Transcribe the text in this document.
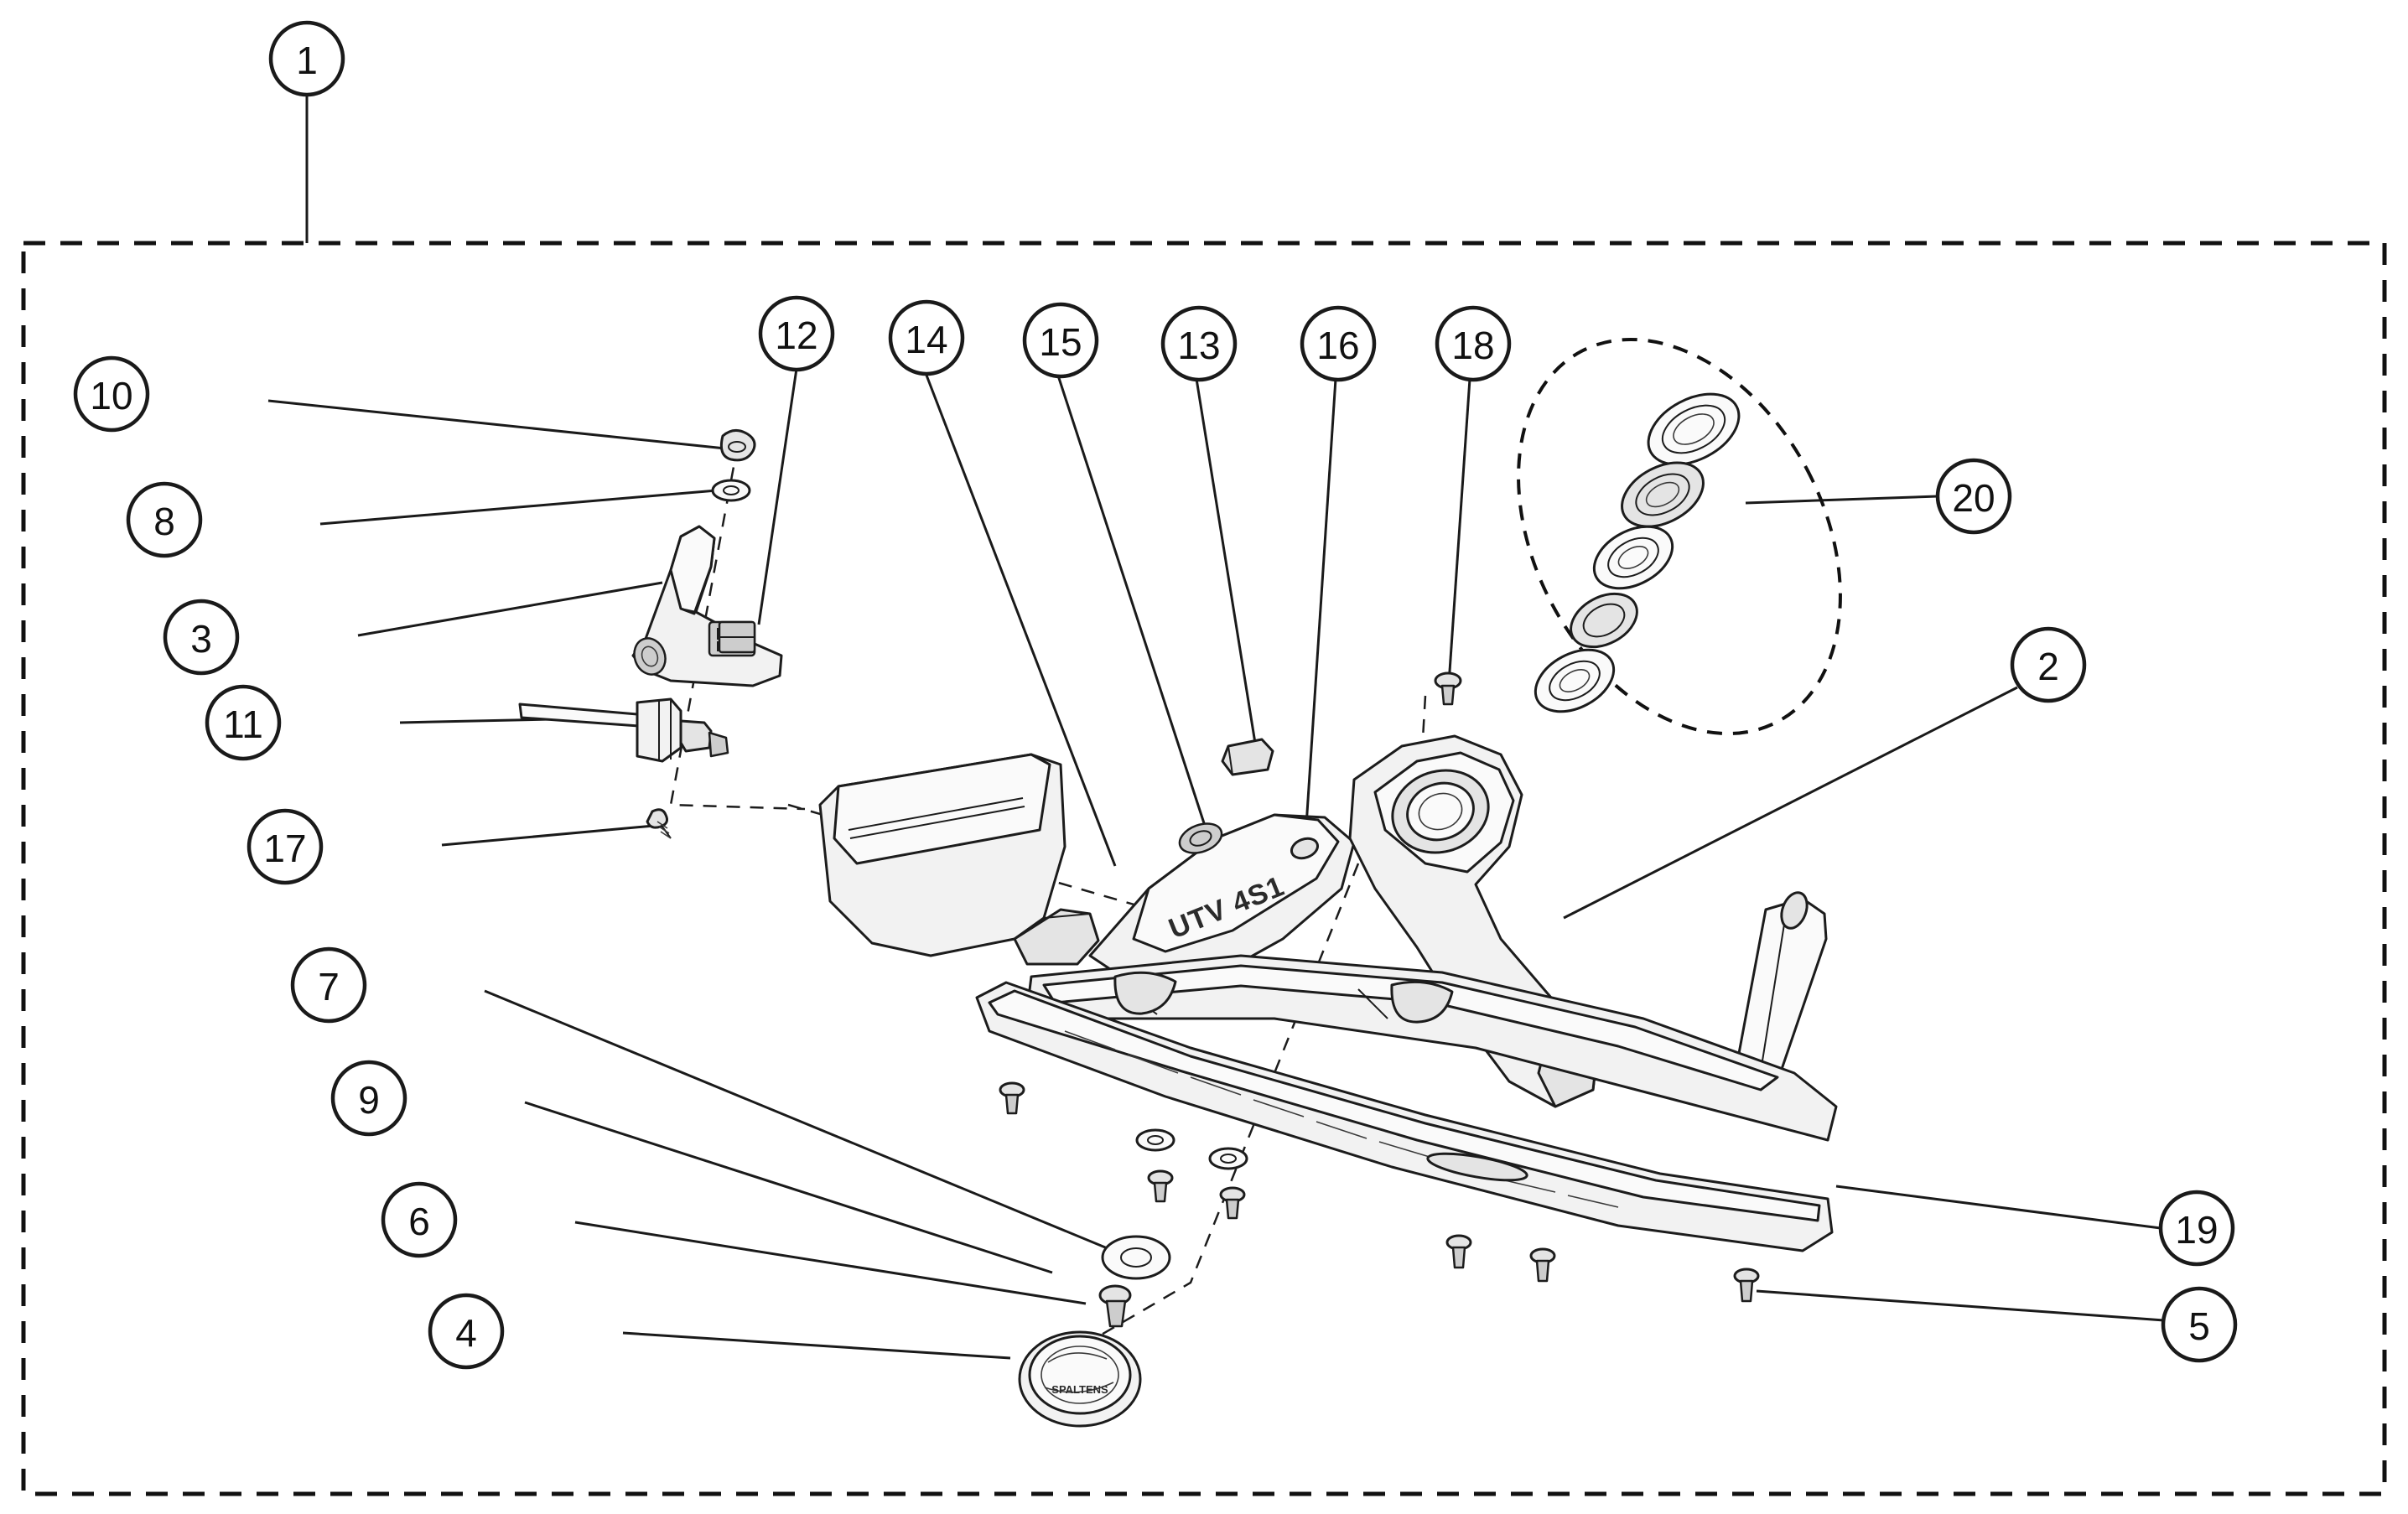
UTV 4S1
SPALTENS
1
10
8
3
11
17
7
9
6
4
12 14 15 13 16 18
20
2
19
5
